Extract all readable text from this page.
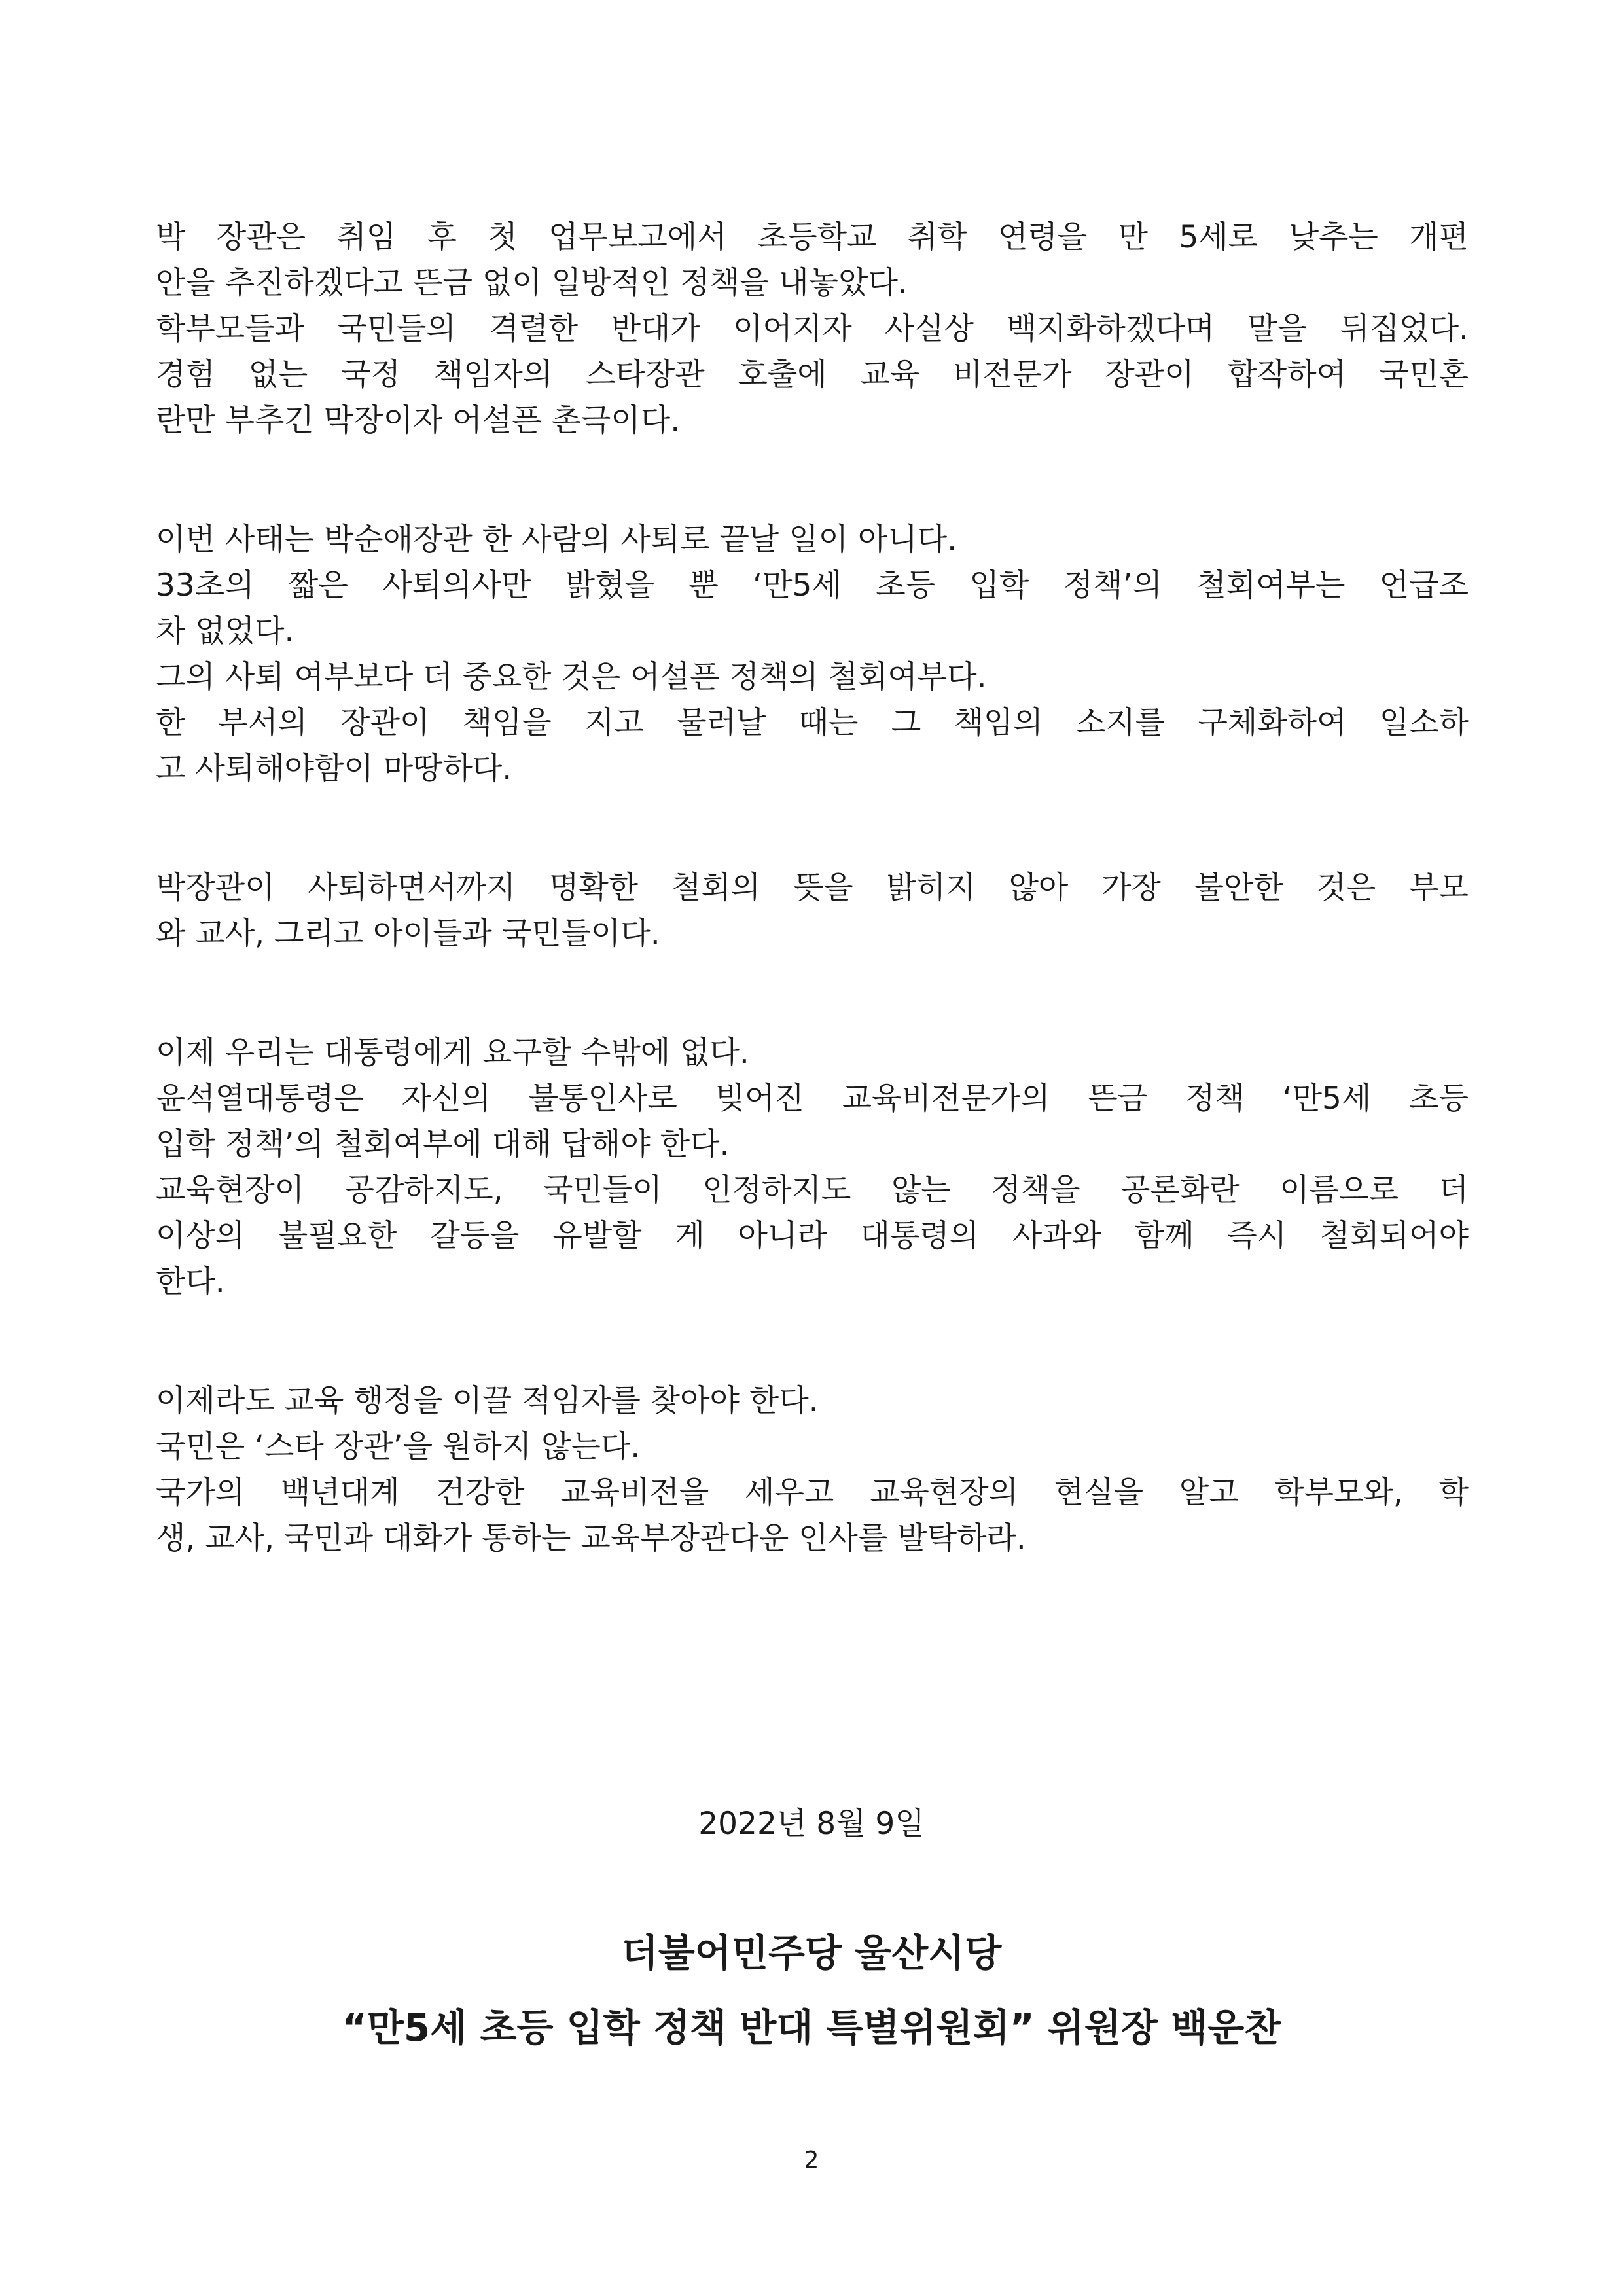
박 장관은 취임 후 첫 업무보고에서 초등학교 취학 연령을 만 5세로 낮추는 개편
안을 추진하겠다고 뜬금 없이 일방적인 정책을 내놓았다.
학부모들과 국민들의 격렬한 반대가 이어지자 사실상 백지화하겠다며 말을 뒤집었다.
경험 없는 국정 책임자의 스타장관 호출에 교육 비전문가 장관이 합작하여 국민혼
란만 부추긴 막장이자 어설픈 촌극이다.
이번 사태는 박순애장관 한 사람의 사퇴로 끝날 일이 아니다.
33초의 짧은 사퇴의사만 밝혔을 뿐 ‘만5세 초등 입학 정책’의 철회여부는 언급조
차 없었다.
그의 사퇴 여부보다 더 중요한 것은 어설픈 정책의 철회여부다.
한 부서의 장관이 책임을 지고 물러날 때는 그 책임의 소지를 구체화하여 일소하
고 사퇴해야함이 마땅하다.
박장관이 사퇴하면서까지 명확한 철회의 뜻을 밝히지 않아 가장 불안한 것은 부모
와 교사, 그리고 아이들과 국민들이다.
이제 우리는 대통령에게 요구할 수밖에 없다.
윤석열대통령은 자신의 불통인사로 빚어진 교육비전문가의 뜬금 정책 ‘만5세 초등
입학 정책’의 철회여부에 대해 답해야 한다.
교육현장이 공감하지도, 국민들이 인정하지도 않는 정책을 공론화란 이름으로 더
이상의 불필요한 갈등을 유발할 게 아니라 대통령의 사과와 함께 즉시 철회되어야
한다.
이제라도 교육 행정을 이끌 적임자를 찾아야 한다.
국민은 ‘스타 장관’을 원하지 않는다.
국가의 백년대계 건강한 교육비전을 세우고 교육현장의 현실을 알고 학부모와, 학
생, 교사, 국민과 대화가 통하는 교육부장관다운 인사를 발탁하라.
2022년 8월 9일
더불어민주당 울산시당
“만5세 초등 입학 정책 반대 특별위원회” 위원장 백운찬
2
